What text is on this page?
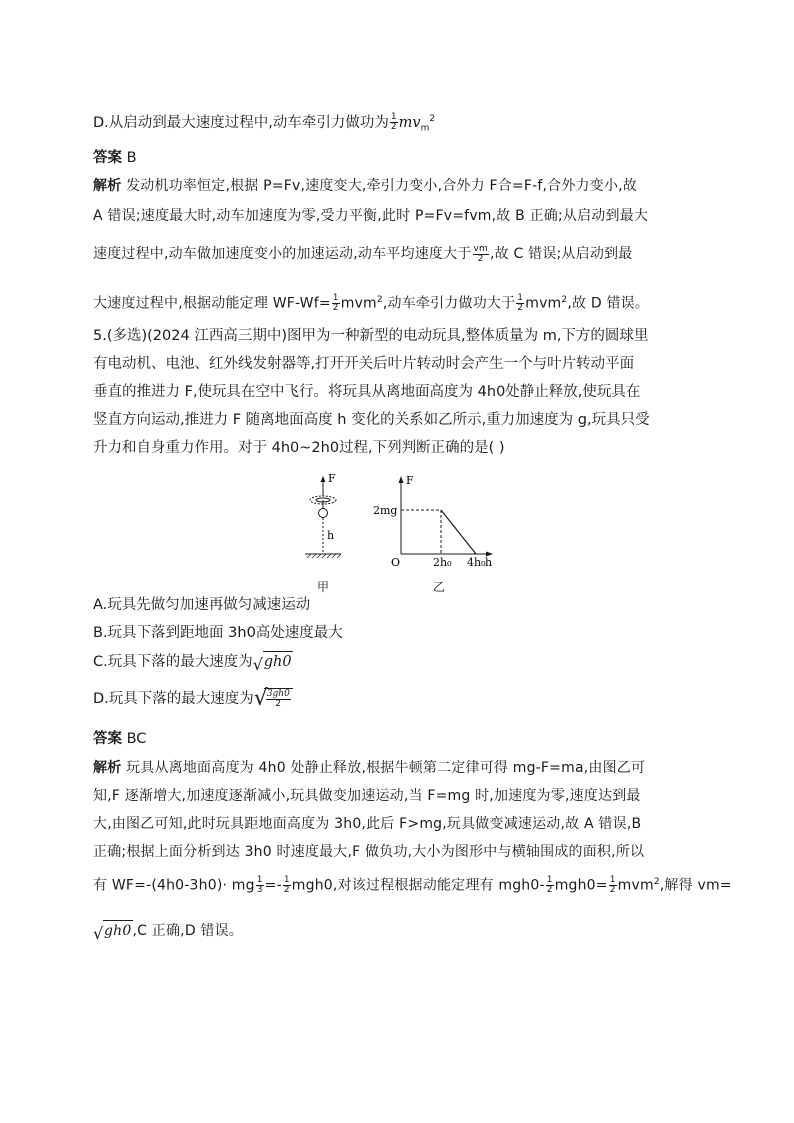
D.从启动到最大速度过程中,动车牵引力做功为 $\frac{1}{2} mv_m^2$
答案 B
解析 发动机功率恒定,根据 P=Fv,速度变大,牵引力变小,合外力 F合=F-f,合外力变小,故
A 错误;速度最大时,动车加速度为零,受力平衡,此时 P=Fv=fvm,故 B 正确;从启动到最大
速度过程中,动车做加速度变小的加速运动,动车平均速度大于 $\frac{vm}{2}$ ,故 C 错误;从启动到最
大速度过程中,根据动能定理 $WF-Wf= \frac{1}{2} mvm^2$,动车牵引力做功大于 $\frac{1}{2} mvm^2$,故 D 错误。
5.(多选)(2024 江西高三期中)图甲为一种新型的电动玩具,整体质量为 m,下方的圆球里
有电动机、电池、红外线发射器等,打开开关后叶片转动时会产生一个与叶片转动平面
垂直的推进力 F,使玩具在空中飞行。将玩具从离地面高度为 4h0处静止释放,使玩具在
竖直方向运动,推进力 F 随离地面高度 h 变化的关系如乙所示,重力加速度为 g,玩具只受
升力和自身重力作用。对于 4h0~2h0过程,下列判断正确的是( )
A.玩具先做匀加速再做匀减速运动
B.玩具下落到距地面 3h0高处速度最大
C.玩具下落的最大速度为 √ gh0
D.玩具下落的最大速度为 √
$\frac{3gh0}{2}$
答案 BC
解析 玩具从离地面高度为 4h0 处静止释放,根据牛顿第二定律可得 mg-F=ma,由图乙可
知,F 逐渐增大,加速度逐渐减小,玩具做变加速运动,当 F=mg 时,加速度为零,速度达到最
大,由图乙可知,此时玩具距地面高度为 3h0,此后 F>mg,玩具做变减速运动,故 A 错误,B
正确;根据上面分析到达 3h0 时速度最大,F 做负功,大小为图形中与横轴围成的面积,所以
有 WF=-(4h0-3h0)· mg $\frac{1}{3} =- \frac{1}{2} mgh0$,对该过程根据动能定理有 $mgh0- \frac{1}{2} mgh0= \frac{1}{2} mvm^2$,解得 vm=
√ gh0,C 正确,D 错误。
F
h
F
2mg
O	2h₀ 4h₀ h
甲	乙
